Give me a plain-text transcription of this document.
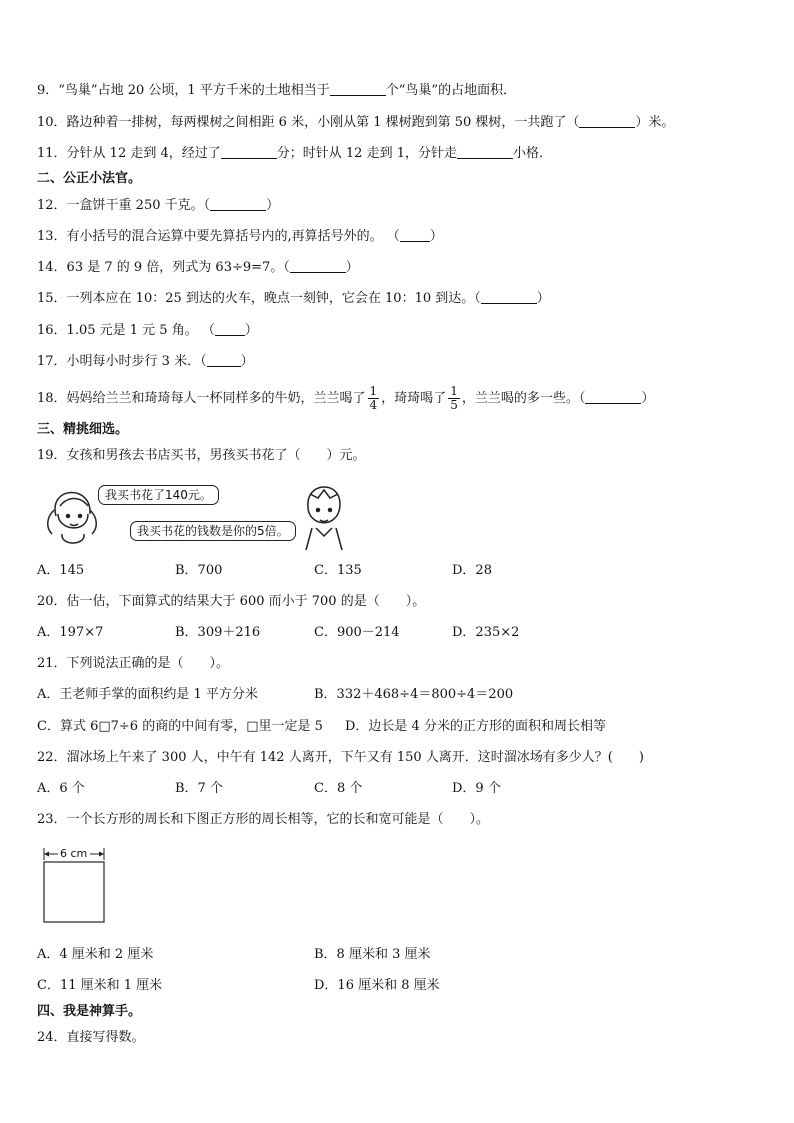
9．“鸟巢”占地 20 公顷，1 平方千米的土地相当于	个“鸟巢”的占地面积．
10．路边种着一排树，每两棵树之间相距 6 米，小刚从第 1 棵树跑到第 50 棵树，一共跑了（	）米。
11．分针从 12 走到 4，经过了	分；时针从 12 走到 1，分针走	小格．
二、公正小法官。
12．一盒饼干重 250 千克。（	）
13．有小括号的混合运算中要先算括号内的,再算括号外的。 （ ）
14．63 是 7 的 9 倍，列式为 63÷9=7。（	）
15．一列本应在 10：25 到达的火车，晚点一刻钟，它会在 10：10 到达。（	）
16．1.05 元是 1 元 5 角。 （ ）
17．小明每小时步行 3 米．（	）
18．妈妈给兰兰和琦琦每人一杯同样多的牛奶，兰兰喝了 $\frac{1}{4}$ ，琦琦喝了 $\frac{1}{5}$ ，兰兰喝的多一些。（	）
三、精挑细选。
19．女孩和男孩去书店买书，男孩买书花了（　　）元。
我买书花了140元。
我买书花的钱数是你的5倍。
A．145	B．700	C．135	D．28
20．估一估，下面算式的结果大于 600 而小于 700 的是（　　）。
A．197×7	B．309＋216	C．900－214	D．235×2
21．下列说法正确的是（　　）。
A．王老师手掌的面积约是 1 平方分米	B．332＋468÷4＝800÷4＝200
C．算式 6□7÷6 的商的中间有零，□里一定是 5 D．边长是 4 分米的正方形的面积和周长相等
22．溜冰场上午来了 300 人，中午有 142 人离开，下午又有 150 人离开．这时溜冰场有多少人？(　　)
A．6 个	B．7 个	C．8 个	D．9 个
23．一个长方形的周长和下图正方形的周长相等，它的长和宽可能是（　　）。
6 cm
A．4 厘米和 2 厘米	B．8 厘米和 3 厘米
C．11 厘米和 1 厘米	D．16 厘米和 8 厘米
四、我是神算手。
24．直接写得数。
